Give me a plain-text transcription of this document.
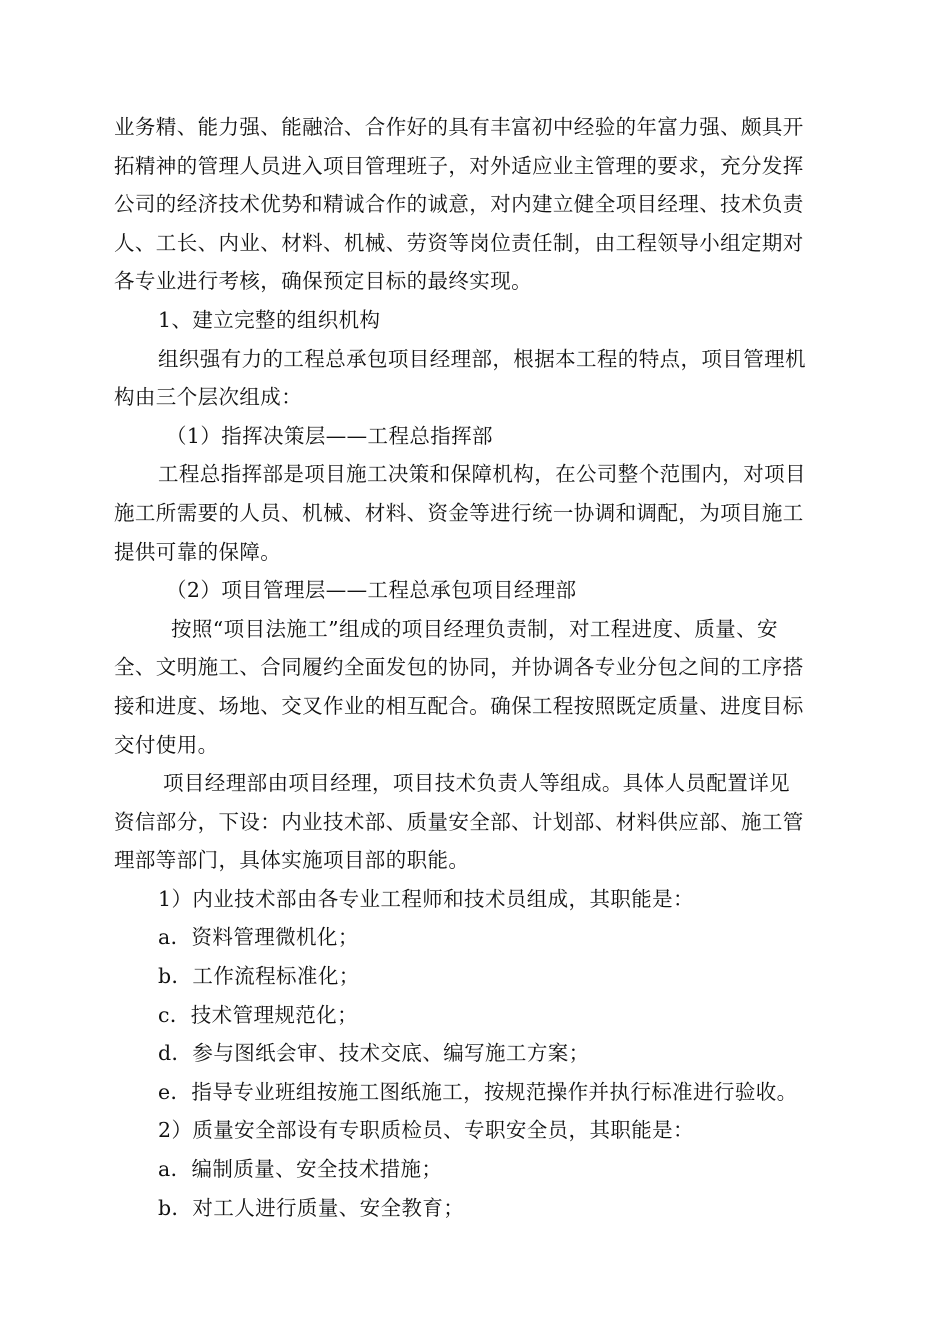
业务精、能力强、能融洽、合作好的具有丰富初中经验的年富力强、颇具开
拓精神的管理人员进入项目管理班子，对外适应业主管理的要求，充分发挥
公司的经济技术优势和精诚合作的诚意，对内建立健全项目经理、技术负责
人、工长、内业、材料、机械、劳资等岗位责任制，由工程领导小组定期对
各专业进行考核，确保预定目标的最终实现。
1、建立完整的组织机构
组织强有力的工程总承包项目经理部，根据本工程的特点，项目管理机
构由三个层次组成：
（1）指挥决策层——工程总指挥部
工程总指挥部是项目施工决策和保障机构，在公司整个范围内，对项目
施工所需要的人员、机械、材料、资金等进行统一协调和调配，为项目施工
提供可靠的保障。
（2）项目管理层——工程总承包项目经理部
按照“项目法施工”组成的项目经理负责制，对工程进度、质量、安
全、文明施工、合同履约全面发包的协同，并协调各专业分包之间的工序搭
接和进度、场地、交叉作业的相互配合。确保工程按照既定质量、进度目标
交付使用。
项目经理部由项目经理，项目技术负责人等组成。具体人员配置详见
资信部分，下设：内业技术部、质量安全部、计划部、材料供应部、施工管
理部等部门，具体实施项目部的职能。
1）内业技术部由各专业工程师和技术员组成，其职能是：
a．资料管理微机化；
b．工作流程标准化；
c．技术管理规范化；
d．参与图纸会审、技术交底、编写施工方案；
e．指导专业班组按施工图纸施工，按规范操作并执行标准进行验收。
2）质量安全部设有专职质检员、专职安全员，其职能是：
a．编制质量、安全技术措施；
b．对工人进行质量、安全教育；
